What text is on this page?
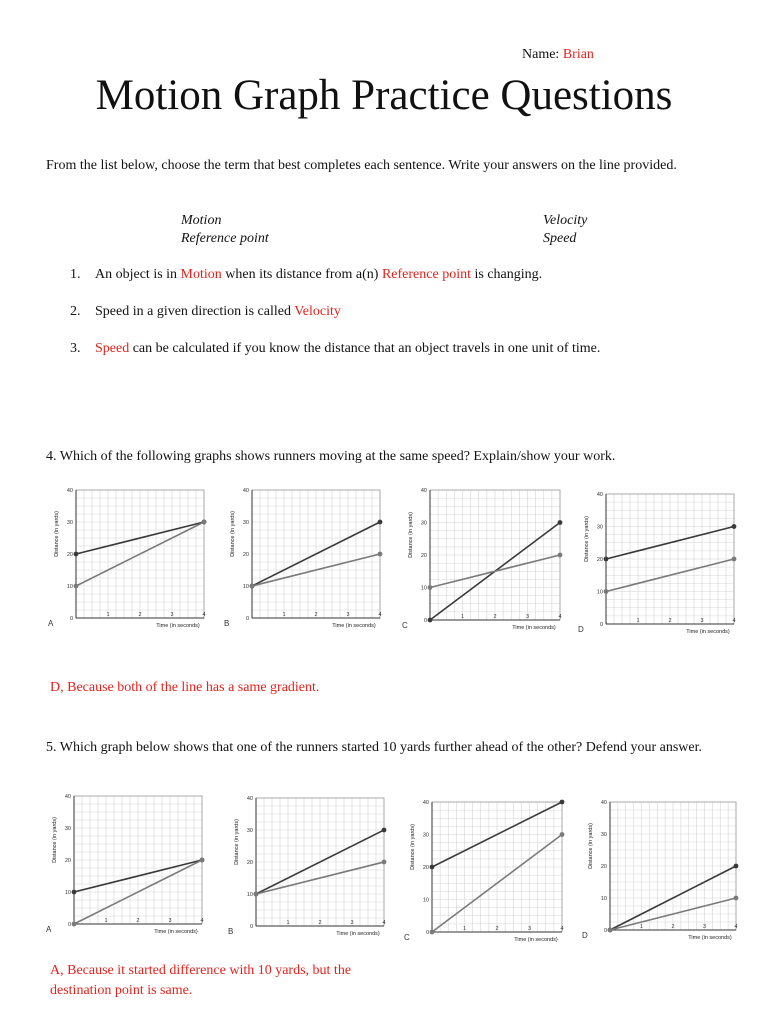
Name: Brian
Motion Graph Practice Questions
From the list below, choose the term that best completes each sentence. Write your answers on the line provided.
Motion
Reference point
Velocity
Speed
1. An object is in Motion when its distance from a(n) Reference point is changing.
2. Speed in a given direction is called Velocity
3. Speed can be calculated if you know the distance that an object travels in one unit of time.
4. Which of the following graphs shows runners moving at the same speed? Explain/show your work.
0
10
20
30
40
1	2	3	4
Time (in seconds)
Distance (in yards)
A	0
10
20
30
40
1	2	3	4
Time (in seconds)
Distance (in yards)
B	0
10
20
30
40
1	2	3	4
Time (in seconds)
Distance (in yards)
C	0
10
20
30
40
1	2	3	4
Time (in seconds)
Distance (in yards)
D
D, Because both of the line has a same gradient.
5. Which graph below shows that one of the runners started 10 yards further ahead of the other? Defend your answer.
0
10
20
30
40
1	2	3	4
Time (in seconds)
Distance (in yards)
A	0
10
20
30
40
1	2	3	4
Time (in seconds)
Distance (in yards)
B	0
10
20
30
40
1	2	3	4
Time (in seconds)
Distance (in yards)
C
0
10
20
30
40
1	2	3	4
Time (in seconds)
Distance (in yards)
D
A, Because it started difference with 10 yards, but the
destination point is same.
